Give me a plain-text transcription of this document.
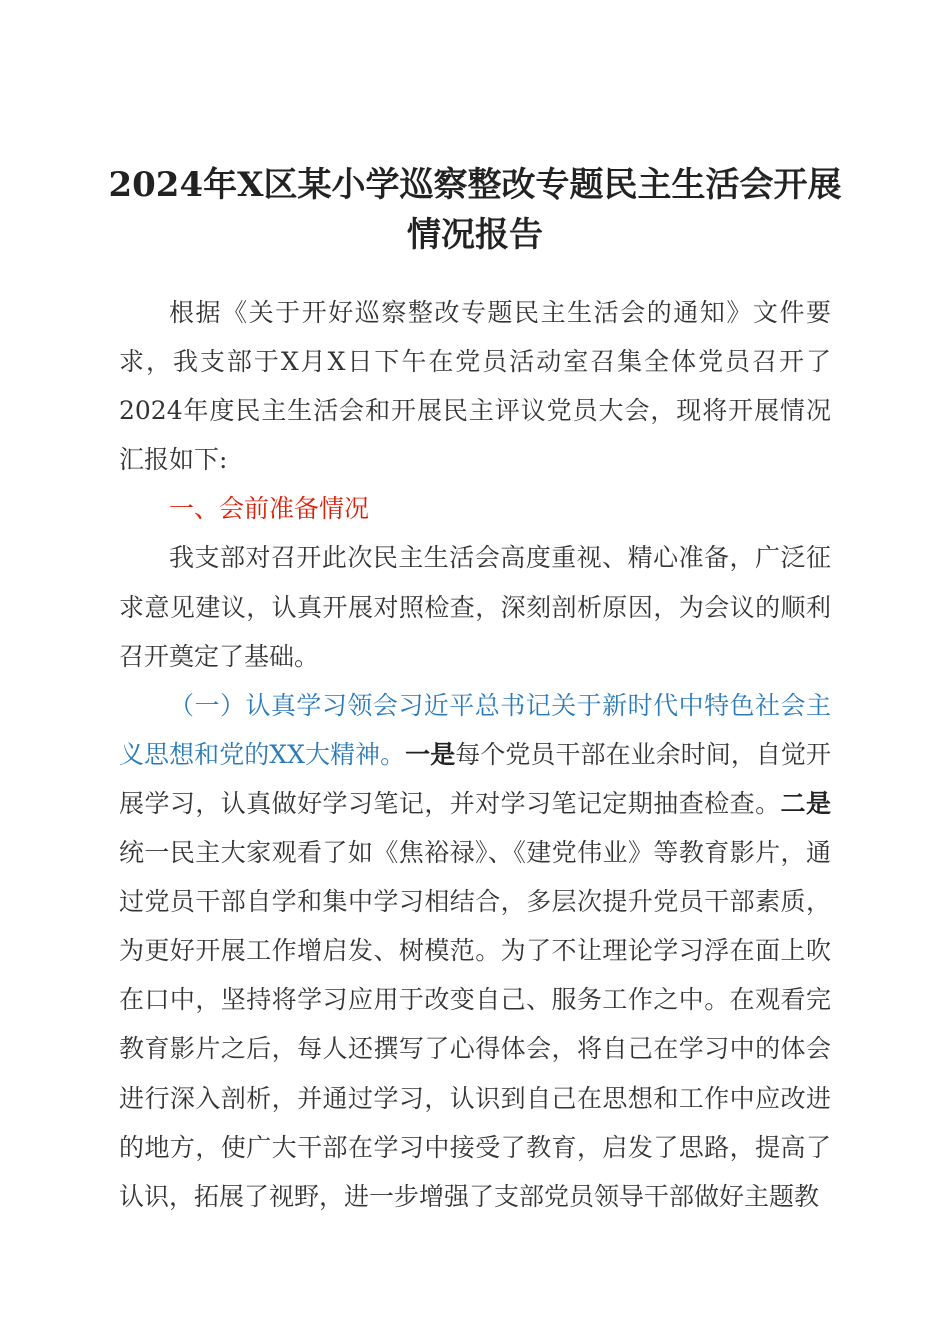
2024年X区某小学巡察整改专题民主生活会开展情况报告

根据《关于开好巡察整改专题民主生活会的通知》文件要求，我支部于X月X日下午在党员活动室召集全体党员召开了2024年度民主生活会和开展民主评议党员大会，现将开展情况汇报如下:

一、会前准备情况

我支部对召开此次民主生活会高度重视、精心准备，广泛征求意见建议，认真开展对照检查，深刻剖析原因，为会议的顺利召开奠定了基础。

（一）认真学习领会习近平总书记关于新时代中特色社会主义思想和党的XX大精神。一是每个党员干部在业余时间，自觉开展学习，认真做好学习笔记，并对学习笔记定期抽查检查。二是统一民主大家观看了如《焦裕禄》、《建党伟业》等教育影片，通过党员干部自学和集中学习相结合，多层次提升党员干部素质，为更好开展工作增启发、树模范。为了不让理论学习浮在面上吹在口中，坚持将学习应用于改变自己、服务工作之中。在观看完教育影片之后，每人还撰写了心得体会，将自己在学习中的体会进行深入剖析，并通过学习，认识到自己在思想和工作中应改进的地方，使广大干部在学习中接受了教育，启发了思路，提高了认识，拓展了视野，进一步增强了支部党员领导干部做好主题教
